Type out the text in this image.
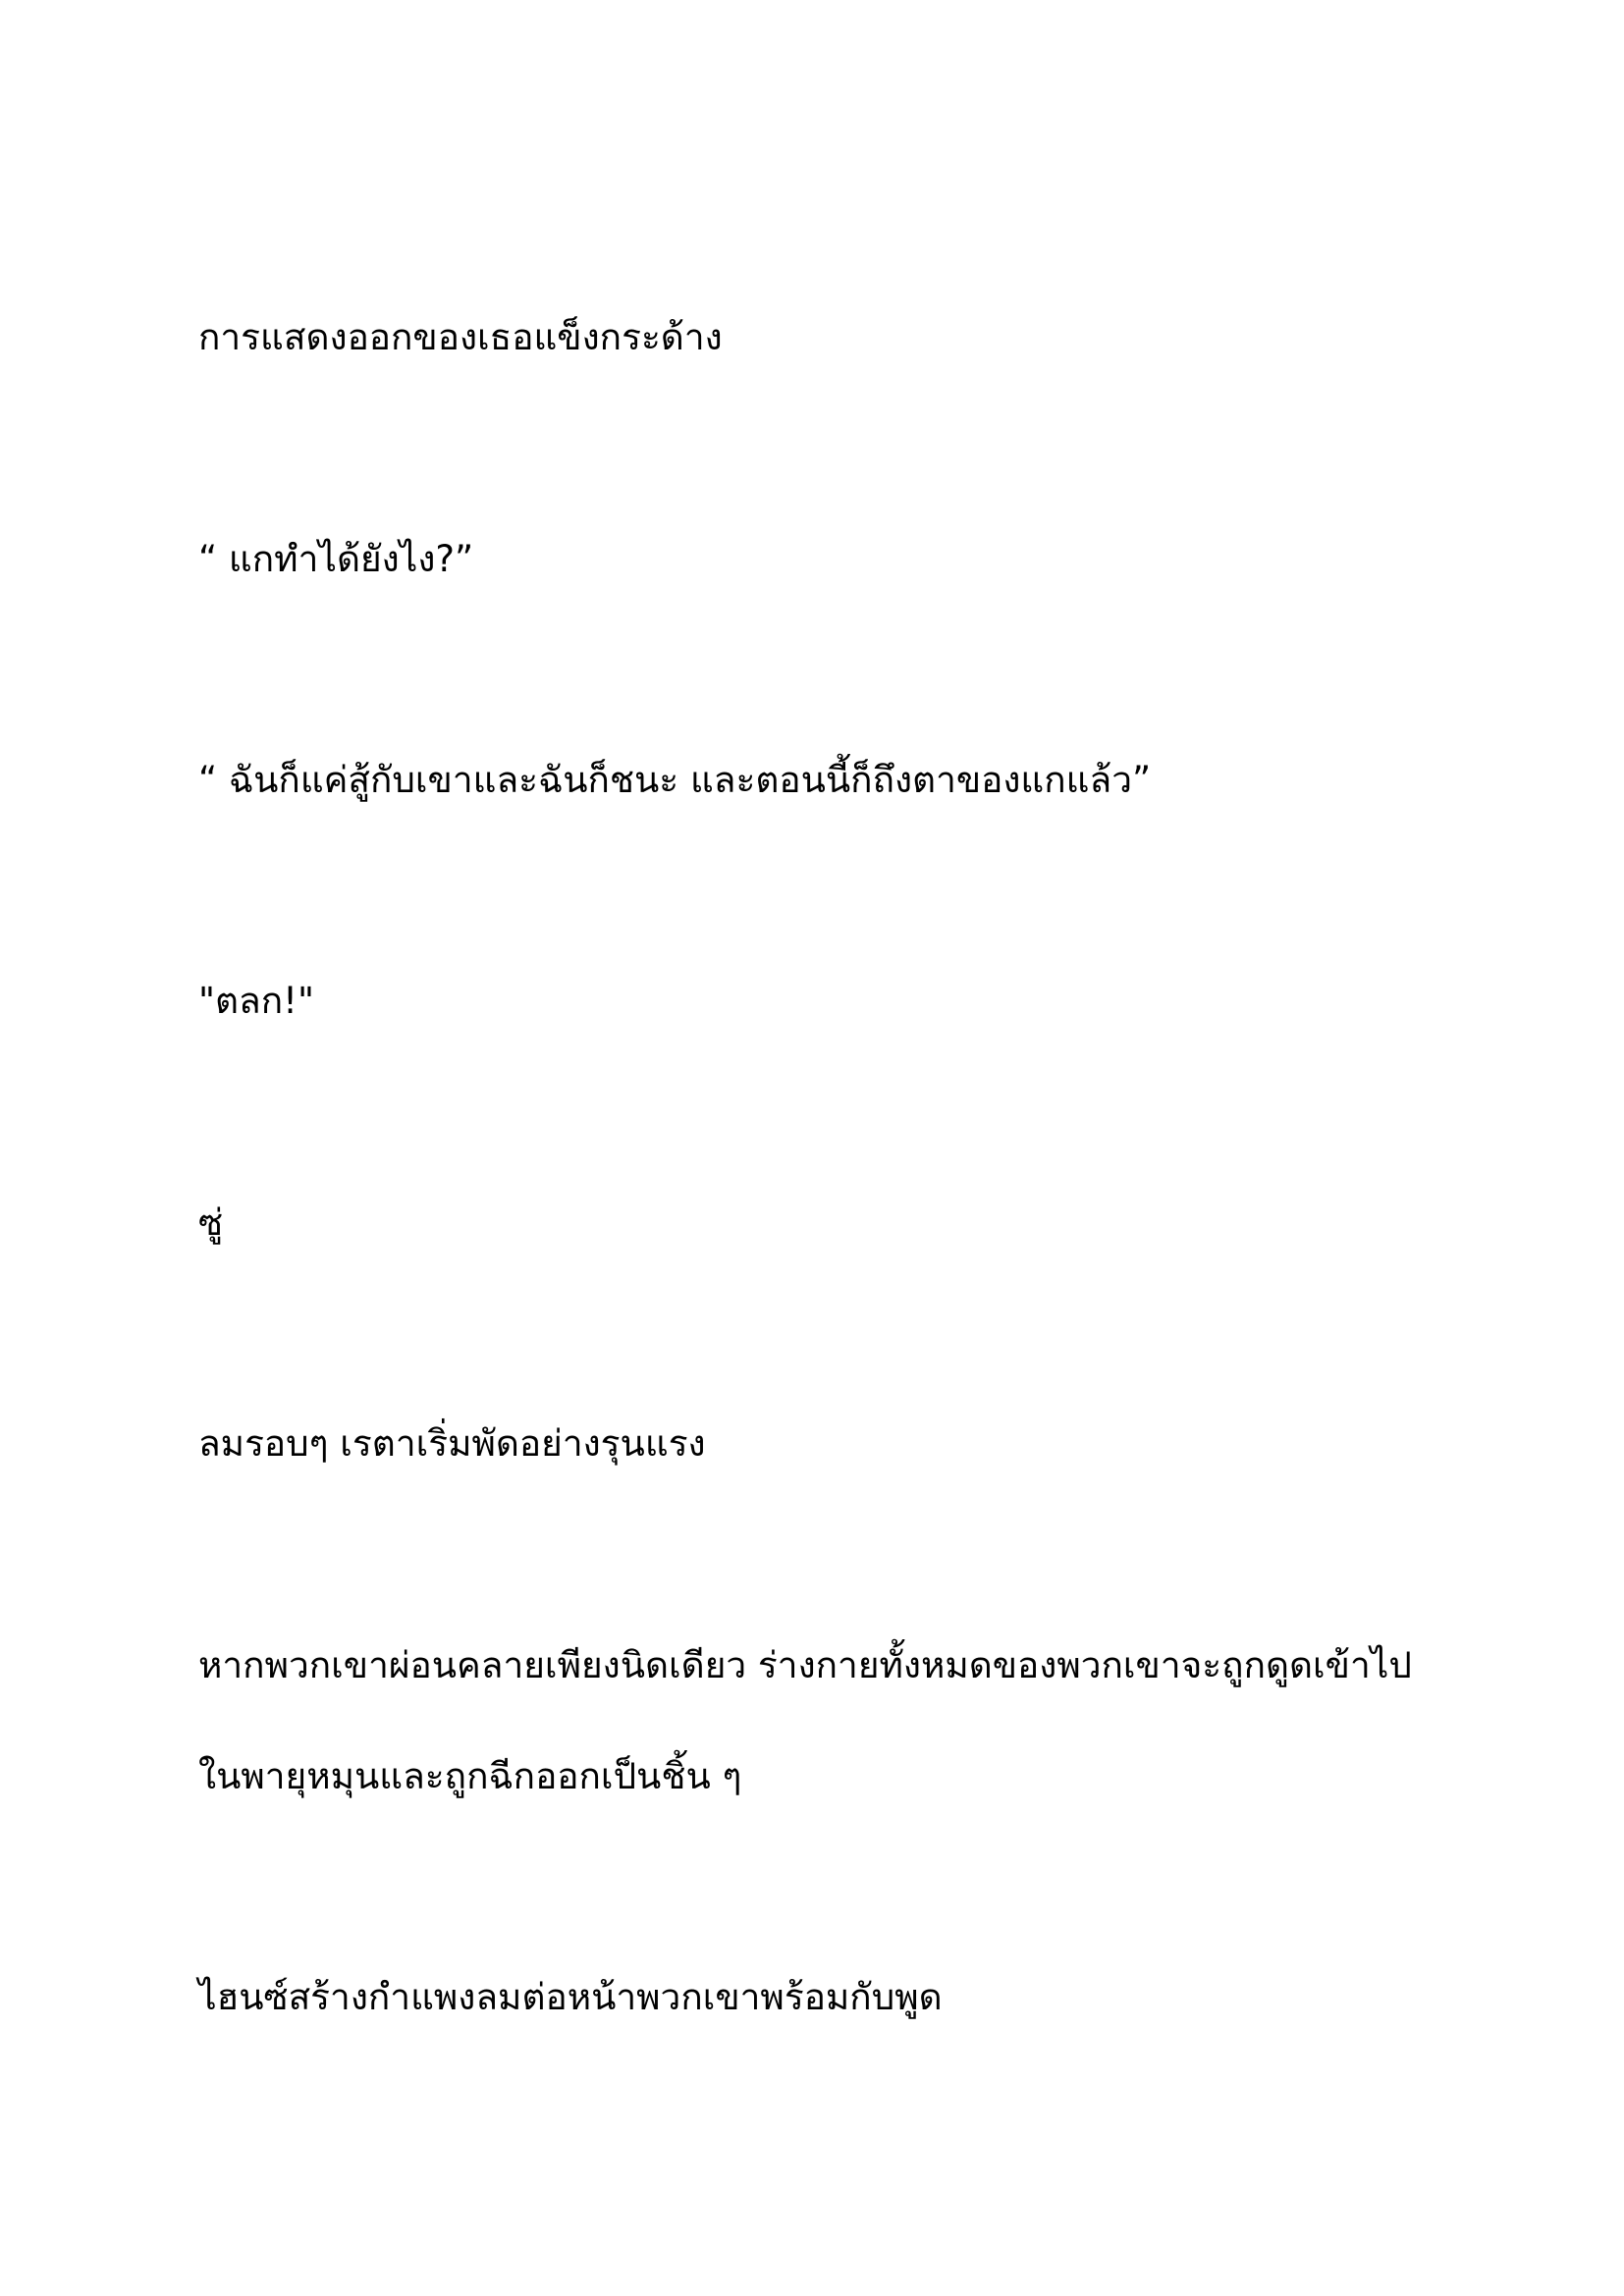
การแสดงออกของเธอแข็งกระด้าง

“ แกทำได้ยังไง?”

“ ฉันก็แค่สู้กับเขาและฉันก็ชนะ และตอนนี้ก็ถึงตาของแกแล้ว”

"ตลก!"

ซู่

ลมรอบๆ เรตาเริ่มพัดอย่างรุนแรง

หากพวกเขาผ่อนคลายเพียงนิดเดียว ร่างกายทั้งหมดของพวกเขาจะถูกดูดเข้าไปในพายุหมุนและถูกฉีกออกเป็นชิ้น ๆ

ไฮนซ์สร้างกำแพงลมต่อหน้าพวกเขาพร้อมกับพูด
